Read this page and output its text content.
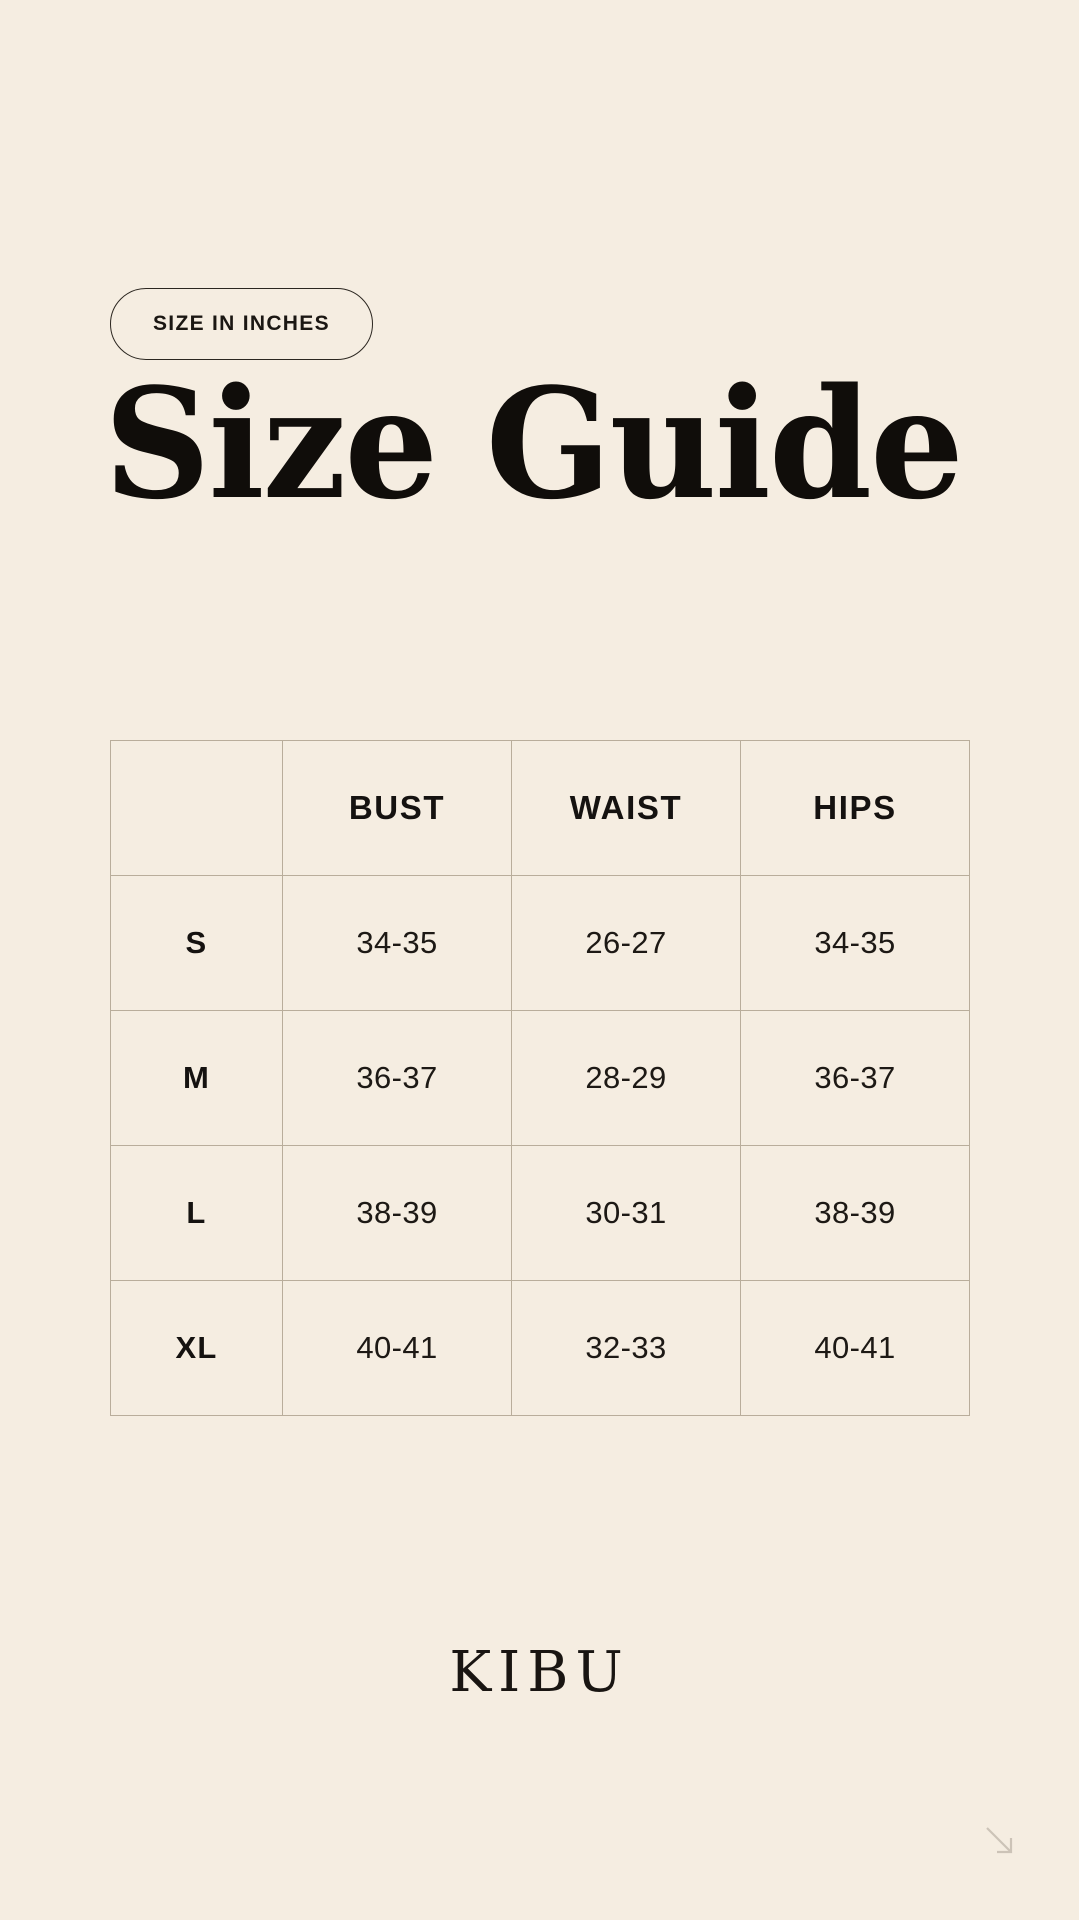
SIZE IN INCHES
Size Guide
	BUST	WAIST	HIPS
S	34-35	26-27	34-35
M	36-37	28-29	36-37
L	38-39	30-31	38-39
XL	40-41	32-33	40-41
KIBU
